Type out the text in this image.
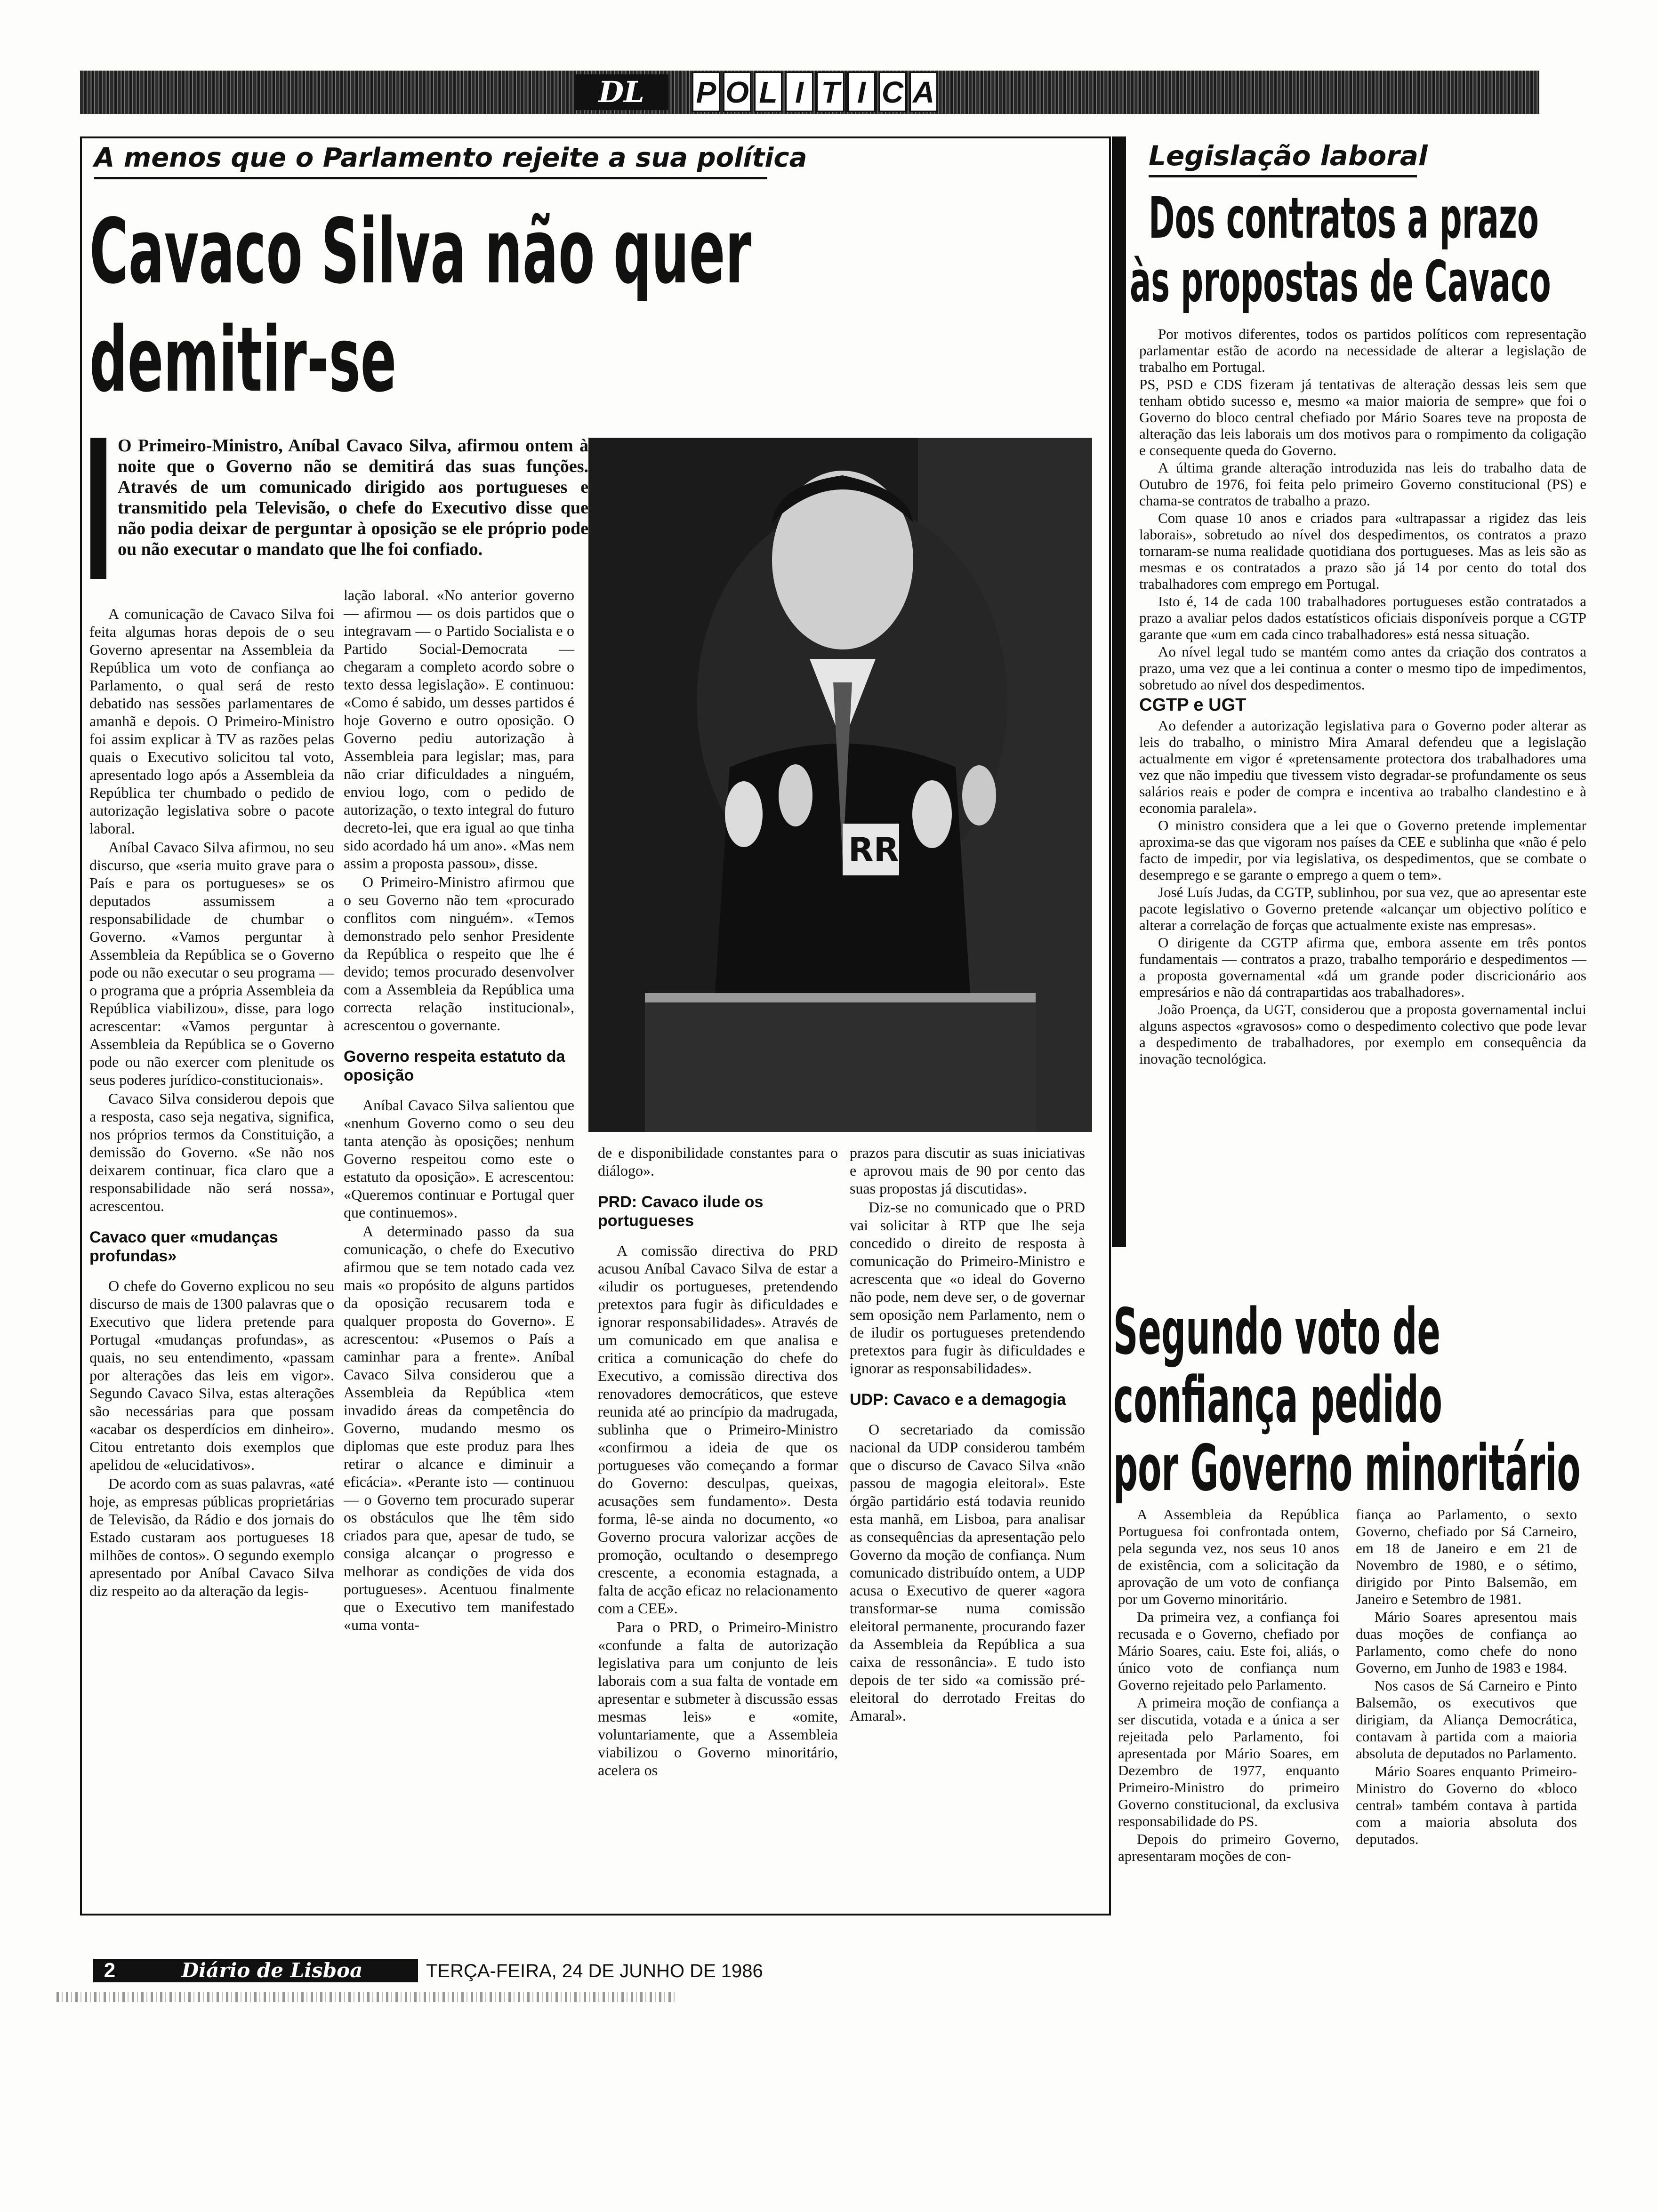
DL	P O L I T I C A
A menos que o Parlamento rejeite a sua política
Cavaco Silva não quer
demitir-se
O Primeiro-Ministro, Aníbal Cavaco Silva, afirmou ontem à noite que o Governo não se demitirá das suas funções. Através de um comunicado dirigido aos portugueses e transmitido pela Televisão, o chefe do Executivo disse que não podia deixar de perguntar à oposição se ele próprio pode ou não executar o mandato que lhe foi confiado.
RR

A comunicação de Cavaco Silva foi feita algumas horas depois de o seu Governo apresentar na Assembleia da República um voto de confiança ao Parlamento, o qual será de resto debatido nas sessões parlamentares de amanhã e depois. O Primeiro-Ministro foi assim explicar à TV as razões pelas quais o Executivo solicitou tal voto, apresentado logo após a Assembleia da República ter chumbado o pedido de autorização legislativa sobre o pacote laboral.

Aníbal Cavaco Silva afirmou, no seu discurso, que «seria muito grave para o País e para os portugueses» se os deputados assumissem a responsabilidade de chumbar o Governo. «Vamos perguntar à Assembleia da República se o Governo pode ou não executar o seu programa — o programa que a própria Assembleia da República viabilizou», disse, para logo acrescentar: «Vamos perguntar à Assembleia da República se o Governo pode ou não exercer com plenitude os seus poderes jurídico-constitucionais».

Cavaco Silva considerou depois que a resposta, caso seja negativa, significa, nos próprios termos da Constituição, a demissão do Governo. «Se não nos deixarem continuar, fica claro que a responsabilidade não será nossa», acrescentou.

Cavaco quer «mudanças profundas»

O chefe do Governo explicou no seu discurso de mais de 1300 palavras que o Executivo que lidera pretende para Portugal «mudanças profundas», as quais, no seu entendimento, «passam por alterações das leis em vigor». Segundo Cavaco Silva, estas alterações são necessárias para que possam «acabar os desperdícios em dinheiro». Citou entretanto dois exemplos que apelidou de «elucidativos».

De acordo com as suas palavras, «até hoje, as empresas públicas proprietárias de Televisão, da Rádio e dos jornais do Estado custaram aos portugueses 18 milhões de contos». O segundo exemplo apresentado por Aníbal Cavaco Silva diz respeito ao da alteração da legis-

lação laboral. «No anterior governo — afirmou — os dois partidos que o integravam — o Partido Socialista e o Partido Social-Democrata — chegaram a completo acordo sobre o texto dessa legislação». E continuou: «Como é sabido, um desses partidos é hoje Governo e outro oposição. O Governo pediu autorização à Assembleia para legislar; mas, para não criar dificuldades a ninguém, enviou logo, com o pedido de autorização, o texto integral do futuro decreto-lei, que era igual ao que tinha sido acordado há um ano». «Mas nem assim a proposta passou», disse.

O Primeiro-Ministro afirmou que o seu Governo não tem «procurado conflitos com ninguém». «Temos demonstrado pelo senhor Presidente da República o respeito que lhe é devido; temos procurado desenvolver com a Assembleia da República uma correcta relação institucional», acrescentou o governante.

Governo respeita estatuto da oposição

Aníbal Cavaco Silva salientou que «nenhum Governo como o seu deu tanta atenção às oposições; nenhum Governo respeitou como este o estatuto da oposição». E acrescentou: «Queremos continuar e Portugal quer que continuemos».

A determinado passo da sua comunicação, o chefe do Executivo afirmou que se tem notado cada vez mais «o propósito de alguns partidos da oposição recusarem toda e qualquer proposta do Governo». E acrescentou: «Pusemos o País a caminhar para a frente». Aníbal Cavaco Silva considerou que a Assembleia da República «tem invadido áreas da competência do Governo, mudando mesmo os diplomas que este produz para lhes retirar o alcance e diminuir a eficácia». «Perante isto — continuou — o Governo tem procurado superar os obstáculos que lhe têm sido criados para que, apesar de tudo, se consiga alcançar o progresso e melhorar as condições de vida dos portugueses». Acentuou finalmente que o Executivo tem manifestado «uma vonta-

de e disponibilidade constantes para o diálogo».

PRD: Cavaco ilude os portugueses

A comissão directiva do PRD acusou Aníbal Cavaco Silva de estar a «iludir os portugueses, pretendendo pretextos para fugir às dificuldades e ignorar responsabilidades». Através de um comunicado em que analisa e critica a comunicação do chefe do Executivo, a comissão directiva dos renovadores democráticos, que esteve reunida até ao princípio da madrugada, sublinha que o Primeiro-Ministro «confirmou a ideia de que os portugueses vão começando a formar do Governo: desculpas, queixas, acusações sem fundamento». Desta forma, lê-se ainda no documento, «o Governo procura valorizar acções de promoção, ocultando o desemprego crescente, a economia estagnada, a falta de acção eficaz no relacionamento com a CEE».

Para o PRD, o Primeiro-Ministro «confunde a falta de autorização legislativa para um conjunto de leis laborais com a sua falta de vontade em apresentar e submeter à discussão essas mesmas leis» e «omite, voluntariamente, que a Assembleia viabilizou o Governo minoritário, acelera os

prazos para discutir as suas iniciativas e aprovou mais de 90 por cento das suas propostas já discutidas».

Diz-se no comunicado que o PRD vai solicitar à RTP que lhe seja concedido o direito de resposta à comunicação do Primeiro-Ministro e acrescenta que «o ideal do Governo não pode, nem deve ser, o de governar sem oposição nem Parlamento, nem o de iludir os portugueses pretendendo pretextos para fugir às dificuldades e ignorar as responsabilidades».

UDP: Cavaco e a demagogia

O secretariado da comissão nacional da UDP considerou também que o discurso de Cavaco Silva «não passou de magogia eleitoral». Este órgão partidário está todavia reunido esta manhã, em Lisboa, para analisar as consequências da apresentação pelo Governo da moção de confiança. Num comunicado distribuído ontem, a UDP acusa o Executivo de querer «agora transformar-se numa comissão eleitoral permanente, procurando fazer da Assembleia da República a sua caixa de ressonância». E tudo isto depois de ter sido «a comissão pré-eleitoral do derrotado Freitas do Amaral».

Legislação laboral
Dos contratos a prazo
às propostas de Cavaco

Por motivos diferentes, todos os partidos políticos com representação parlamentar estão de acordo na necessidade de alterar a legislação de trabalho em Portugal.

PS, PSD e CDS fizeram já tentativas de alteração dessas leis sem que tenham obtido sucesso e, mesmo «a maior maioria de sempre» que foi o Governo do bloco central chefiado por Mário Soares teve na proposta de alteração das leis laborais um dos motivos para o rompimento da coligação e consequente queda do Governo.

A última grande alteração introduzida nas leis do trabalho data de Outubro de 1976, foi feita pelo primeiro Governo constitucional (PS) e chama-se contratos de trabalho a prazo.

Com quase 10 anos e criados para «ultrapassar a rigidez das leis laborais», sobretudo ao nível dos despedimentos, os contratos a prazo tornaram-se numa realidade quotidiana dos portugueses. Mas as leis são as mesmas e os contratados a prazo são já 14 por cento do total dos trabalhadores com emprego em Portugal.

Isto é, 14 de cada 100 trabalhadores portugueses estão contratados a prazo a avaliar pelos dados estatísticos oficiais disponíveis porque a CGTP garante que «um em cada cinco trabalhadores» está nessa situação.

Ao nível legal tudo se mantém como antes da criação dos contratos a prazo, uma vez que a lei continua a conter o mesmo tipo de impedimentos, sobretudo ao nível dos despedimentos.

CGTP e UGT

Ao defender a autorização legislativa para o Governo poder alterar as leis do trabalho, o ministro Mira Amaral defendeu que a legislação actualmente em vigor é «pretensamente protectora dos trabalhadores uma vez que não impediu que tivessem visto degradar-se profundamente os seus salários reais e poder de compra e incentiva ao trabalho clandestino e à economia paralela».

O ministro considera que a lei que o Governo pretende implementar aproxima-se das que vigoram nos países da CEE e sublinha que «não é pelo facto de impedir, por via legislativa, os despedimentos, que se combate o desemprego e se garante o emprego a quem o tem».

José Luís Judas, da CGTP, sublinhou, por sua vez, que ao apresentar este pacote legislativo o Governo pretende «alcançar um objectivo político e alterar a correlação de forças que actualmente existe nas empresas».

O dirigente da CGTP afirma que, embora assente em três pontos fundamentais — contratos a prazo, trabalho temporário e despedimentos — a proposta governamental «dá um grande poder discricionário aos empresários e não dá contrapartidas aos trabalhadores».

João Proença, da UGT, considerou que a proposta governamental inclui alguns aspectos «gravosos» como o despedimento colectivo que pode levar a despedimento de trabalhadores, por exemplo em consequência da inovação tecnológica.

Segundo voto de
confiança pedido
por Governo minoritário

A Assembleia da República Portuguesa foi confrontada ontem, pela segunda vez, nos seus 10 anos de existência, com a solicitação da aprovação de um voto de confiança por um Governo minoritário.

Da primeira vez, a confiança foi recusada e o Governo, chefiado por Mário Soares, caiu. Este foi, aliás, o único voto de confiança num Governo rejeitado pelo Parlamento.

A primeira moção de confiança a ser discutida, votada e a única a ser rejeitada pelo Parlamento, foi apresentada por Mário Soares, em Dezembro de 1977, enquanto Primeiro-Ministro do primeiro Governo constitucional, da exclusiva responsabilidade do PS.

Depois do primeiro Governo, apresentaram moções de con-

fiança ao Parlamento, o sexto Governo, chefiado por Sá Carneiro, em 18 de Janeiro e em 21 de Novembro de 1980, e o sétimo, dirigido por Pinto Balsemão, em Janeiro e Setembro de 1981.

Mário Soares apresentou mais duas moções de confiança ao Parlamento, como chefe do nono Governo, em Junho de 1983 e 1984.

Nos casos de Sá Carneiro e Pinto Balsemão, os executivos que dirigiam, da Aliança Democrática, contavam à partida com a maioria absoluta de deputados no Parlamento.

Mário Soares enquanto Primeiro-Ministro do Governo do «bloco central» também contava à partida com a maioria absoluta dos deputados.

2	Diário de Lisboa	TERÇA-FEIRA, 24 DE JUNHO DE 1986
